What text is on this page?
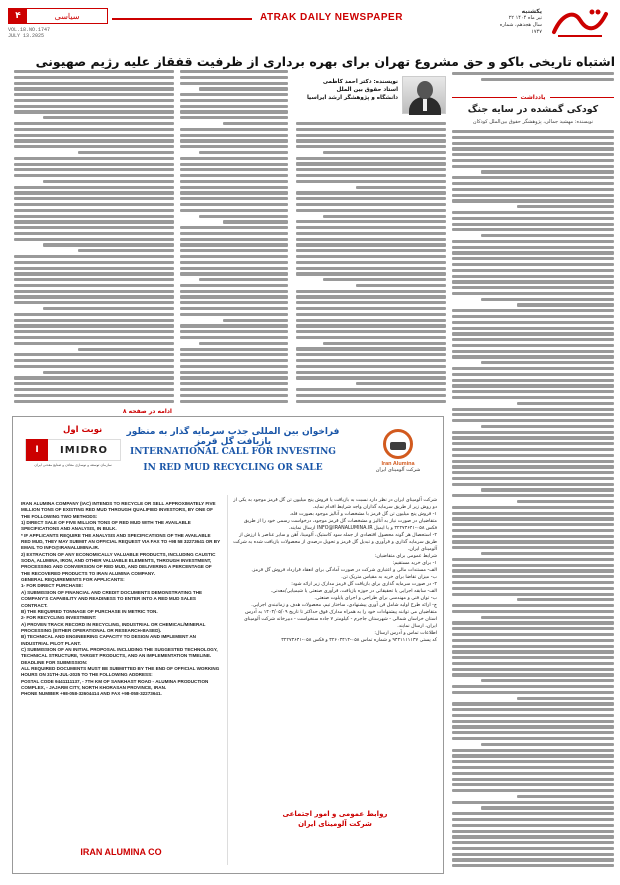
۴	سیاسی
VOL.18.NO.1747
JULY 13.2025
ATRAK DAILY NEWSPAPER
یکشنبه
۲۲ تیر ماه ۱۴۰۴
سال هجدهم، شماره ۱۷۴۷
اشتباه تاریخی باکو و حق مشروع تهران برای بهره برداری از ظرفیت قفقاز علیه رژیم صهیونی
یادداشت
کودکی گمشده در سایه جنگ
نویسنده: مهشید جمالی، پژوهشگر حقوق بین‌الملل کودکان
نویسنده: دکتر احمد کاظمی
استاد حقوق بین الملل
دانشگاه و پژوهشگر ارشد ایراسیا
ادامه در صفحه ۸
نوبت اول
I	IMIDRO
سازمان توسعه و نوسازی معادن و صنایع معدنی ایران
فراخوان بین المللی جذب سرمایه گذار به منظور بازیافت گل قرمز
INTERNATIONAL CALL FOR INVESTING
IN RED MUD RECYCLING OR SALE	Iran Alumina
شرکت آلومینای ایران

IRAN ALUMINA COMPANY (IAC) INTENDS TO RECYCLE OR SELL APPROXIMATELY FIVE MILLION TONS OF EXISTING RED MUD THROUGH QUALIFIED INVESTORS, BY ONE OF THE FOLLOWING TWO METHODS:

1) DIRECT SALE OF FIVE MILLION TONS OF RED MUD WITH THE AVAILABLE SPECIFICATIONS AND ANALYSIS, IN BULK.

* IF APPLICANTS REQUIRE THE ANALYSIS AND SPECIFICATIONS OF THE AVAILABLE RED MUD, THEY MAY SUBMIT AN OFFICIAL REQUEST VIA FAX TO +98 58 32273641 OR BY EMAIL TO INFO@IRANALUMINA.IR.

2) EXTRACTION OF ANY ECONOMICALLY VALUABLE PRODUCTS, INCLUDING CAUSTIC SODA, ALUMINA, IRON, AND OTHER VALUABLE ELEMENTS, THROUGH INVESTMENT, PROCESSING AND CONVERSION OF RED MUD, AND DELIVERING A PERCENTAGE OF THE RECOVERED PRODUCTS TO IRAN ALUMINA COMPANY.

GENERAL REQUIREMENTS FOR APPLICANTS:

1- FOR DIRECT PURCHASE:

A) SUBMISSION OF FINANCIAL AND CREDIT DOCUMENTS DEMONSTRATING THE COMPANY'S CAPABILITY AND READINESS TO ENTER INTO A RED MUD SALES CONTRACT.

B) THE REQUIRED TONNAGE OF PURCHASE IN METRIC TON.

2- FOR RECYCLING INVESTMENT:

A) PROVEN TRACK RECORD IN RECYCLING, INDUSTRIAL OR CHEMICAL/MINERAL PROCESSING (EITHER OPERATIONAL OR RESEARCH-BASED).

B) TECHNICAL AND ENGINEERING CAPACITY TO DESIGN AND IMPLEMENT AN INDUSTRIAL PILOT PLANT.

C) SUBMISSION OF AN INITIAL PROPOSAL INCLUDING THE SUGGESTED TECHNOLOGY, TECHNICAL STRUCTURE, TARGET PRODUCTS, AND AN IMPLEMENTATION TIMELINE.

DEADLINE FOR SUBMISSION:

ALL REQUIRED DOCUMENTS MUST BE SUBMITTED BY THE END OF OFFICIAL WORKING HOURS ON 31TH-JUL-2025 TO THE FOLLOWING ADDRESS:

POSTAL CODE 9441111137, - 7TH KM OF SANKHAST ROAD - ALUMINA PRODUCTION COMPLEX, - JAJARM CITY, NORTH KHORASAN PROVINCE, IRAN.

PHONE NUMBER +98-058-32604414 AND FAX +98-058-32273641.

شرکت آلومینای ایران در نظر دارد نسبت به بازیافت یا فروش پنج میلیون تن گل قرمز موجود به یکی از دو روش زیر از طریق سرمایه گذاران واجد شرایط اقدام نماید.

۱- فروش پنج میلیون تن گل قرمز با مشخصات و آنالیز موجود بصورت فله.

متقاضیان در صورت نیاز به آنالیز و مشخصات گل قرمز موجود، درخواست رسمی خود را از طریق فکس ۰۵۸-۳۲۲۷۳۶۴۱ و یا ایمیل INFO@IRANALUMINA.IR ارسال نمایند.

۲- استحصال هر گونه محصول اقتصادی از جمله سود کاستیک، آلومینا، آهن و سایر عناصر با ارزش از طریق سرمایه گذاری و فرآوری و تبدیل گل قرمز و تحویل درصدی از محصولات بازیافت شده به شرکت آلومینای ایران.

شرایط عمومی برای متقاضیان:

۱- برای خرید مستقیم:

الف- مستندات مالی و اعتباری شرکت در صورت آمادگی برای انعقاد قرارداد فروش گل قرمز.

ب- میزان تقاضا برای خرید به مقیاس متریک تن.

۲- در صورت سرمایه گذاری برای بازیافت گل قرمز مدارک زیر ارائه شود:

الف- سابقه اجرایی یا تحقیقاتی در حوزه بازیافت، فرآوری صنعتی یا شیمیایی/معدنی.

ب- توان فنی و مهندسی برای طراحی و اجرای پایلوت صنعتی.

ج- ارائه طرح اولیه شامل فن آوری پیشنهادی، ساختار تیم، محصولات هدف و زمانبندی اجرایی.

متقاضیان می توانند پیشنهادات خود را به همراه مدارک فوق حداکثر تا تاریخ ۱۴۰۴/۰۵/۰۹ به آدرس استان خراسان شمالی - شهرستان جاجرم - کیلومتر ۷ جاده سنخواست - دبیرخانه شرکت آلومینای ایران، ارسال نمایند.

اطلاعات تماس و آدرس ارسال:

کد پستی ۹۴۴۱۱۱۱۱۳۷ و شماره تماس ۰۵۸-۳۲۶۰۴۴۱۴ و فکس ۰۵۸-۳۲۲۷۳۶۴۱

روابط عمومی و امور اجتماعی
شرکت آلومینای ایران
IRAN ALUMINA CO
